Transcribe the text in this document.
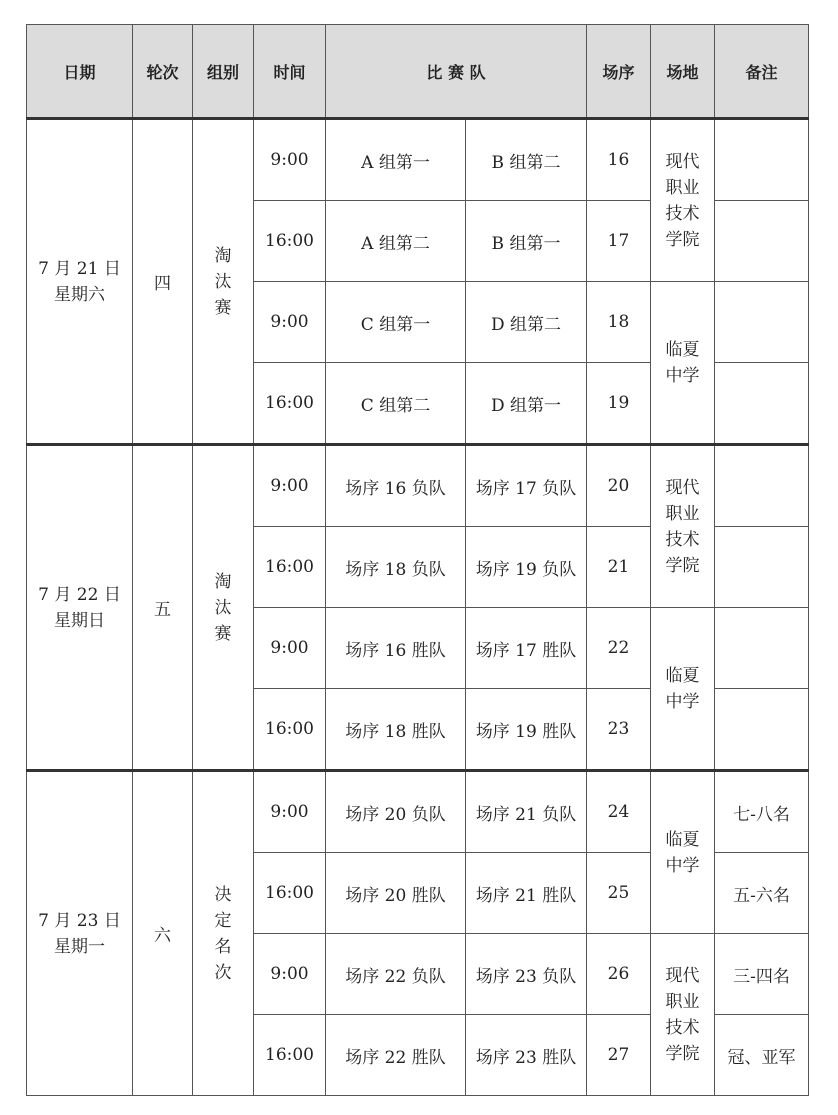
日期	轮次	组别	时间	比 赛 队		场序	场地	备注

7 月 21 日
星期六	四	淘汰赛	9:00	A 组第一	B 组第二	16	现代职业技术学院	

			16:00	A 组第二	B 组第一	17		
			9:00	C 组第一	D 组第二	18	临夏中学	

			16:00	C 组第二	D 组第一	19		

7 月 22 日
星期日	五	淘汰赛	9:00	场序 16 负队	场序 17 负队	20	现代职业技术学院	

			16:00	场序 18 负队	场序 19 负队	21		
			9:00	场序 16 胜队	场序 17 胜队	22	临夏中学	

			16:00	场序 18 胜队	场序 19 胜队	23		

7 月 23 日
星期一	六	决定名次	9:00	场序 20 负队	场序 21 负队	24	临夏中学	七-八名
			16:00	场序 20 胜队	场序 21 胜队	25		五-六名
			9:00	场序 22 负队	场序 23 负队	26	现代职业技术学院	三-四名
			16:00	场序 22 胜队	场序 23 胜队	27		冠、亚军
